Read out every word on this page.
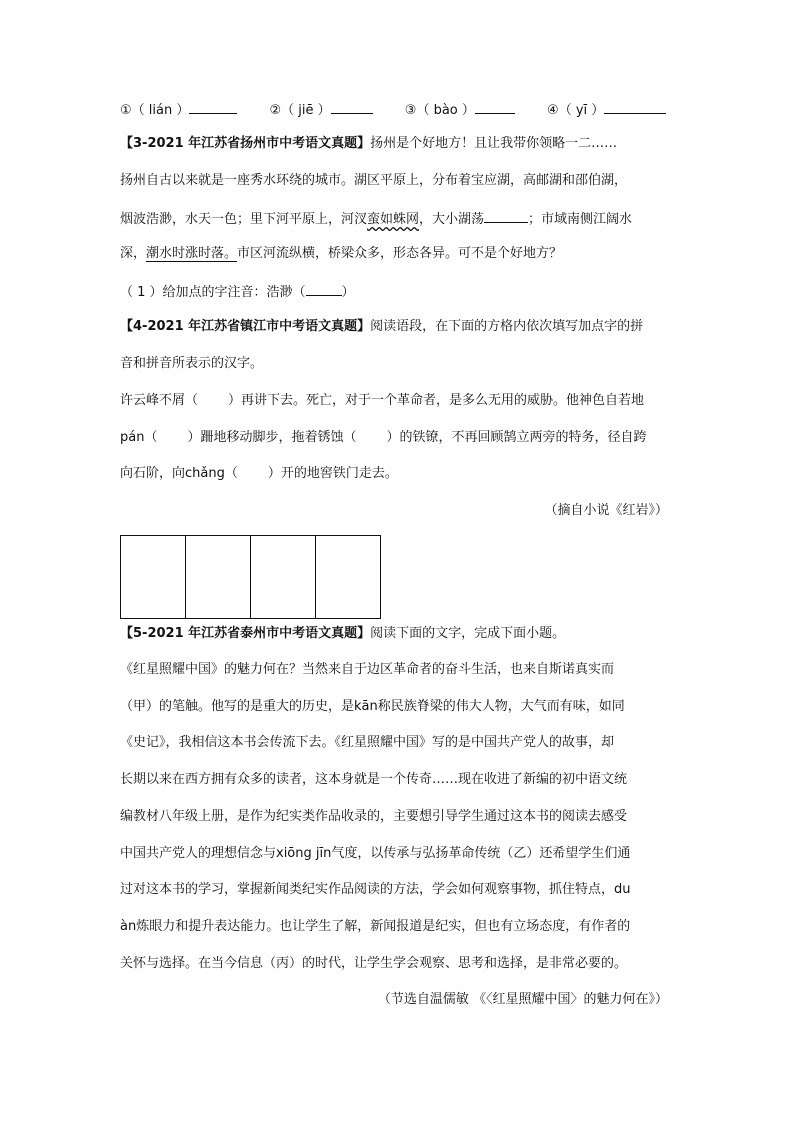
①（ lián ）	②（ jiē ）	③（ bào ）	④（ yī ）
【3-2021 年江苏省扬州市中考语文真题】扬州是个好地方！且让我带你领略一二……
扬州自古以来就是一座秀水环绕的城市。湖区平原上，分布着宝应湖，高邮湖和邵伯湖，
烟波浩渺，水天一色；里下河平原上，河汊蛮如蛛网，大小湖荡	；市域南侧江阔水
深，潮水时涨时落。市区河流纵横，桥梁众多，形态各异。可不是个好地方？
（ 1 ）给加点的字注音：浩渺（	）
【4-2021 年江苏省镇江市中考语文真题】阅读语段，在下面的方格内依次填写加点字的拼
音和拼音所表示的汉字。
许云峰不屑（ ）再讲下去。死亡，对于一个革命者，是多么无用的威胁。他神色自若地
pán（ ）跚地移动脚步，拖着锈蚀（ ）的铁镣，不再回顾鹄立两旁的特务，径自跨
向石阶，向chǎng（ ）开的地窖铁门走去。
（摘自小说《红岩》）
【5-2021 年江苏省泰州市中考语文真题】阅读下面的文字，完成下面小题。
《红星照耀中国》的魅力何在？当然来自于边区革命者的奋斗生活，也来自斯诺真实而
（甲）的笔触。他写的是重大的历史，是kān称民族脊梁的伟大人物，大气而有味，如同
《史记》，我相信这本书会传流下去。《红星照耀中国》写的是中国共产党人的故事，却
长期以来在西方拥有众多的读者，这本身就是一个传奇……现在收进了新编的初中语文统
编教材八年级上册，是作为纪实类作品收录的，主要想引导学生通过这本书的阅读去感受
中国共产党人的理想信念与xiōng jīn气度，以传承与弘扬革命传统（乙）还希望学生们通
过对这本书的学习，掌握新闻类纪实作品阅读的方法，学会如何观察事物，抓住特点，du
àn炼眼力和提升表达能力。也让学生了解，新闻报道是纪实，但也有立场态度，有作者的
关怀与选择。在当今信息（丙）的时代，让学生学会观察、思考和选择，是非常必要的。
（节选自温儒敏 《〈红星照耀中国〉的魅力何在》）
